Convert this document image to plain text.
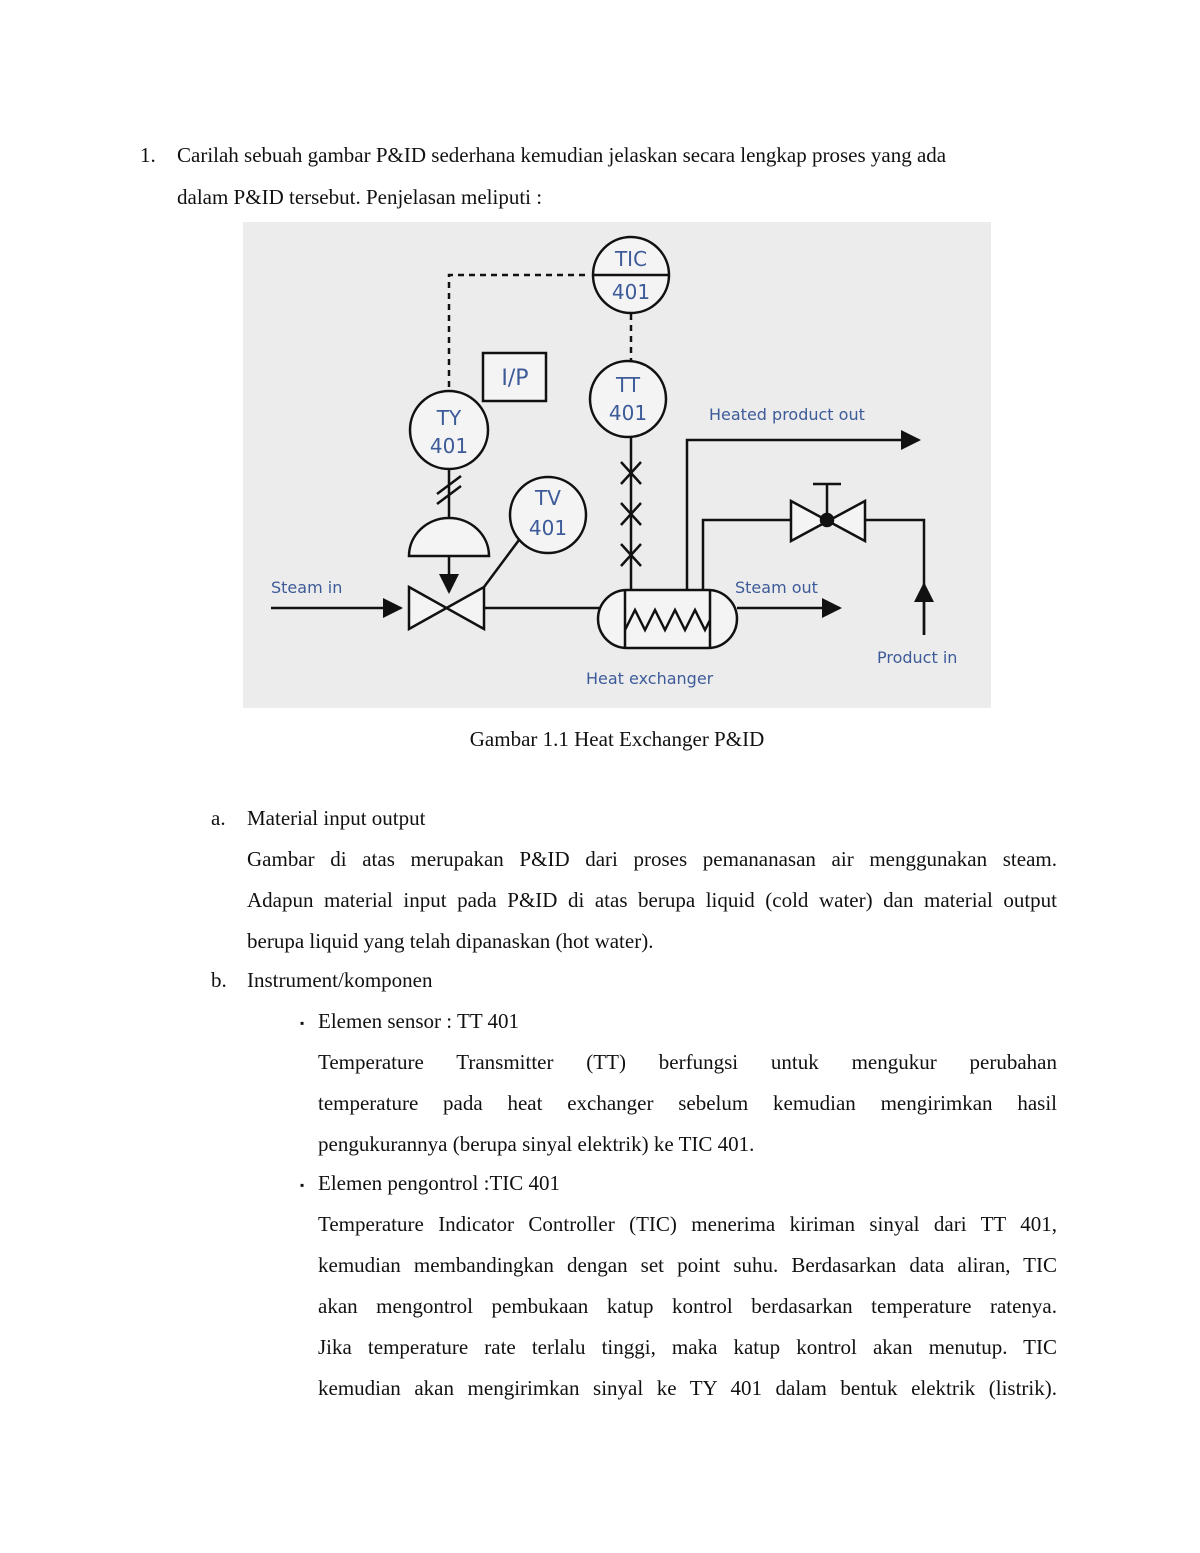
1. Carilah sebuah gambar P&ID sederhana kemudian jelaskan secara lengkap proses yang ada
dalam P&ID tersebut. Penjelasan meliputi :
TIC
401
TT
401
TY
401
TV
401
I/P
Steam in	Steam out
Heated product out
Product in
Heat exchanger
Gambar 1.1 Heat Exchanger P&ID
a. Material input output
Gambar di atas merupakan P&ID dari proses pemananasan air menggunakan steam.
Adapun material input pada P&ID di atas berupa liquid (cold water) dan material output
berupa liquid yang telah dipanaskan (hot water).
b. Instrument/komponen
▪ Elemen sensor : TT 401
Temperature Transmitter (TT) berfungsi untuk mengukur perubahan
temperature pada heat exchanger sebelum kemudian mengirimkan hasil
pengukurannya (berupa sinyal elektrik) ke TIC 401.
▪ Elemen pengontrol :TIC 401
Temperature Indicator Controller (TIC) menerima kiriman sinyal dari TT 401,
kemudian membandingkan dengan set point suhu. Berdasarkan data aliran, TIC
akan mengontrol pembukaan katup kontrol berdasarkan temperature ratenya.
Jika temperature rate terlalu tinggi, maka katup kontrol akan menutup. TIC
kemudian akan mengirimkan sinyal ke TY 401 dalam bentuk elektrik (listrik).
